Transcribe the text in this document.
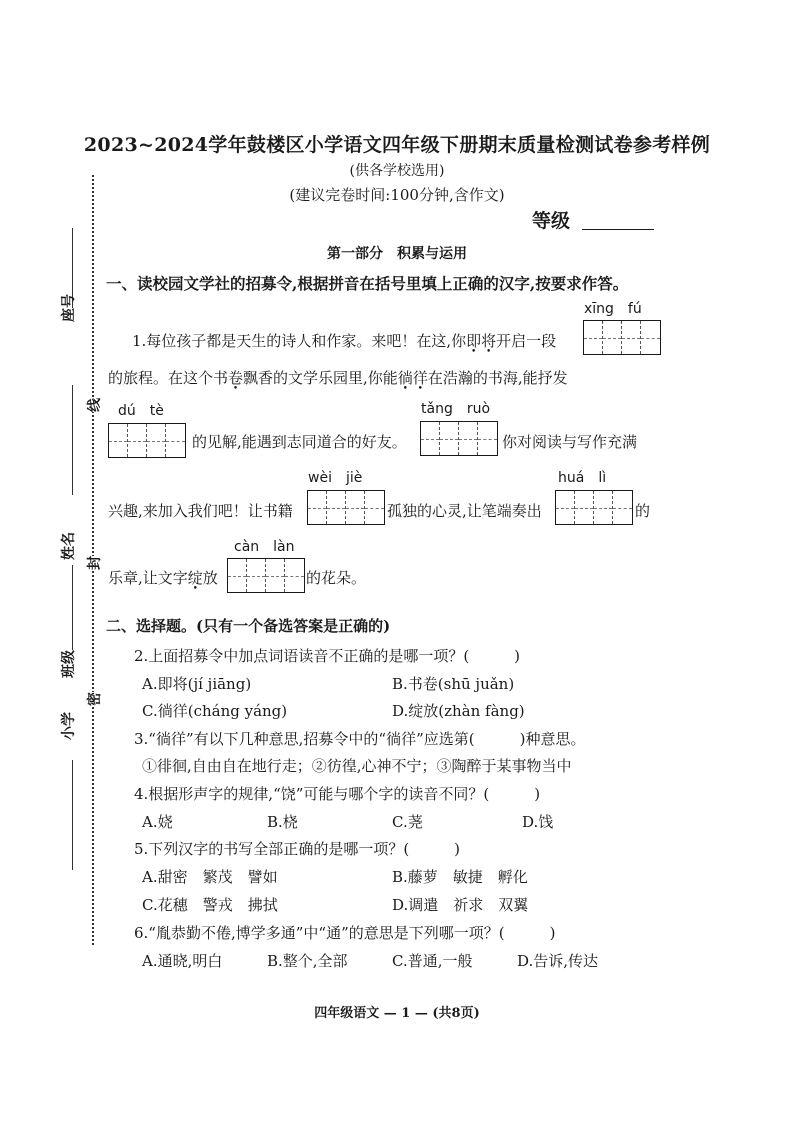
2023~2024学年鼓楼区小学语文四年级下册期末质量检测试卷参考样例
(供各学校选用)
(建议完卷时间:100分钟,含作文)
等级
第一部分　积累与运用
座号
线
姓名
封
班级
密
小学
一、读校园文学社的招募令,根据拼音在括号里填上正确的汉字,按要求作答。
xīng　fú
1.每位孩子都是天生的诗人和作家。来吧！在这,你即将开启一段
的旅程。在这个书卷飘香的文学乐园里,你能徜徉在浩瀚的书海,能抒发
dú　tè	tǎng　ruò
的见解,能遇到志同道合的好友。	你对阅读与写作充满
wèi　jiè	huá　lì
兴趣,来加入我们吧！让书籍	孤独的心灵,让笔端奏出	的
càn　làn
乐章,让文字绽放	的花朵。
二、选择题。(只有一个备选答案是正确的)
2.上面招募令中加点词语读音不正确的是哪一项？(　　　)
A.即将(jí jiāng)	B.书卷(shū juǎn)
C.徜徉(cháng yáng)	D.绽放(zhàn fàng)
3.“徜徉”有以下几种意思,招募令中的“徜徉”应选第(　　　)种意思。
①徘徊,自由自在地行走；②彷徨,心神不宁；③陶醉于某事物当中
4.根据形声字的规律,“饶”可能与哪个字的读音不同？(　　　)
A.娆	B.桡	C.荛	D.饯
5.下列汉字的书写全部正确的是哪一项？(　　　)
A.甜密　繁茂　譬如	B.藤萝　敏捷　孵化
C.花穗　警戎　拂拭	D.调遣　祈求　双翼
6.“胤恭勤不倦,博学多通”中“通”的意思是下列哪一项？(　　　)
A.通晓,明白	B.整个,全部	C.普通,一般	D.告诉,传达
四年级语文 — 1 — (共8页)
